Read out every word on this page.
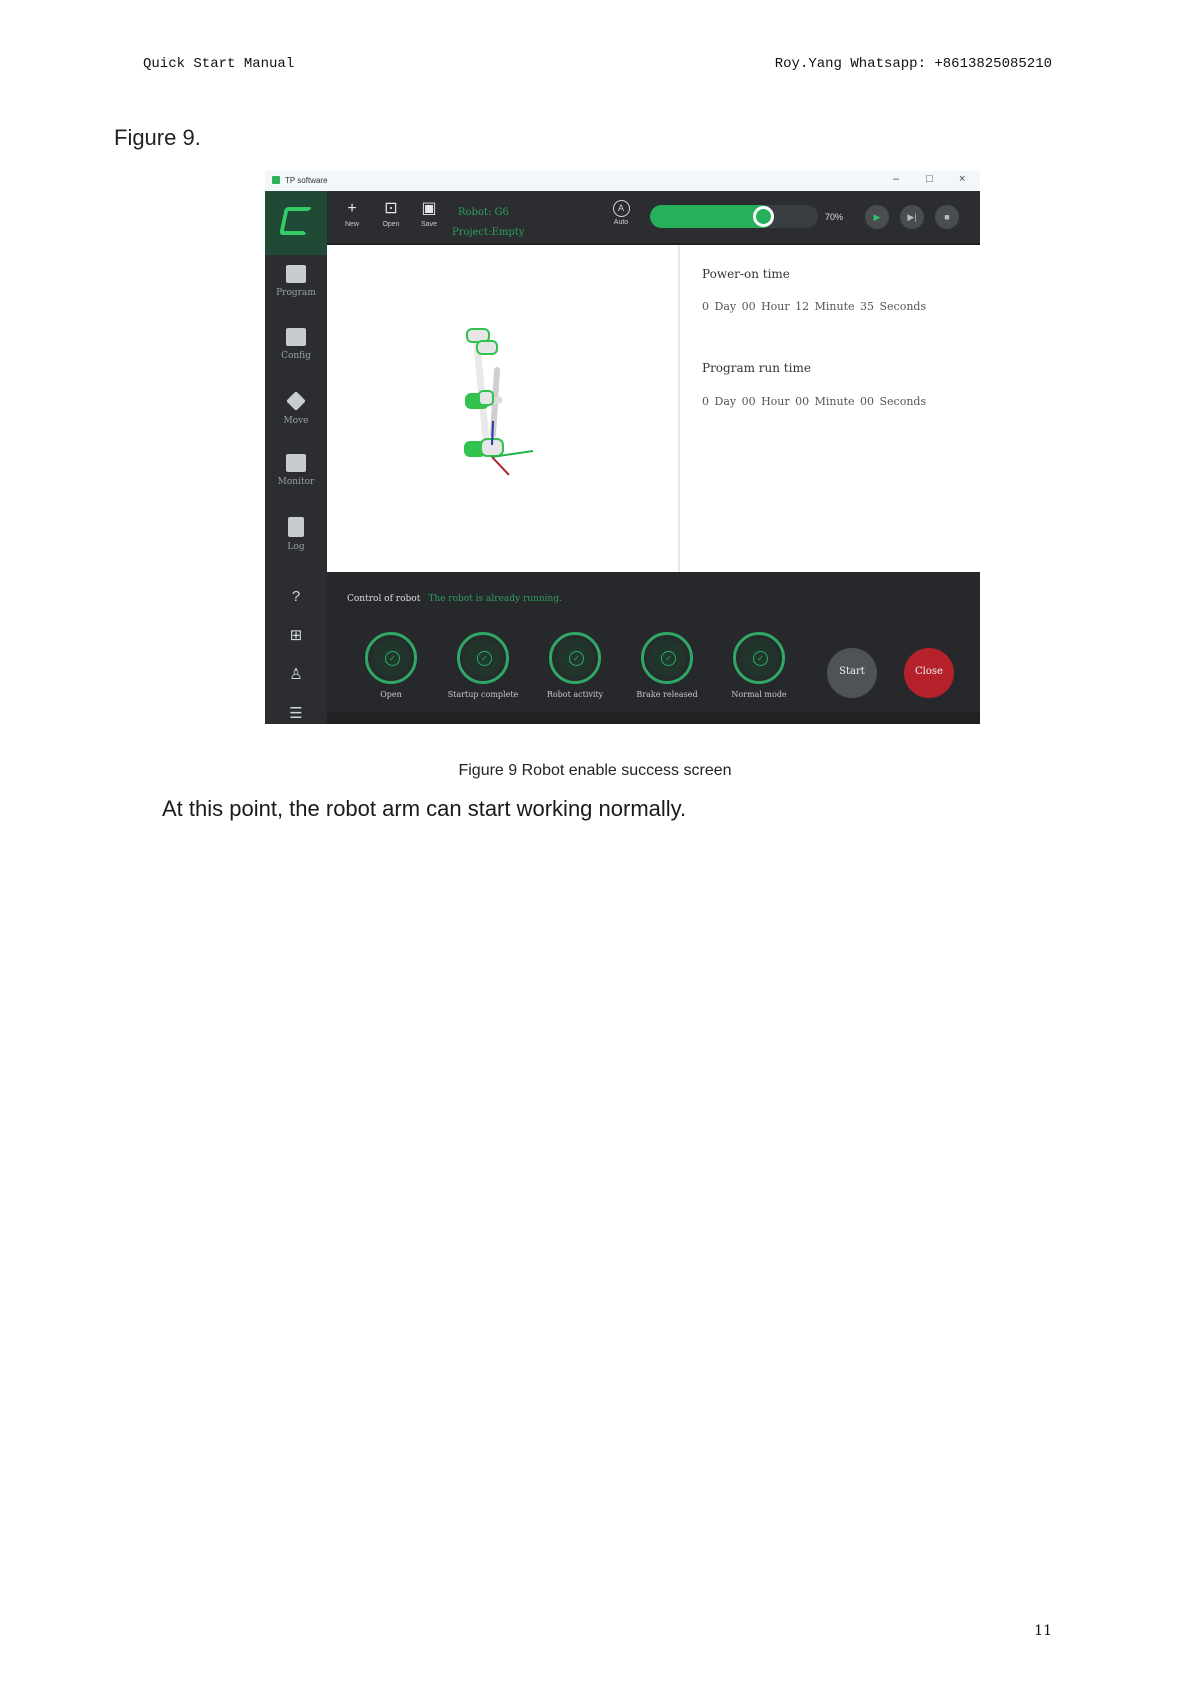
Quick Start Manual	Roy.Yang Whatsapp: +8613825085210
Figure 9.
TP software	– □ ×
Program
Config
Move
Monitor
Log
?
⊞
♙
☰
+
New
⊡
Open
▣
Save
Robot: G6
Project:Empty
A
Auto
70%	▶	▶|	■
Power-on time
0 Day 00 Hour 12 Minute 35 Seconds
Program run time
0 Day 00 Hour 00 Minute 00 Seconds
Control of robot The robot is already running.
✓
Open
✓
Startup complete
✓
Robot activity
✓
Brake released
✓
Normal mode
Start	Close
Figure 9 Robot enable success screen
At this point, the robot arm can start working normally.
11
